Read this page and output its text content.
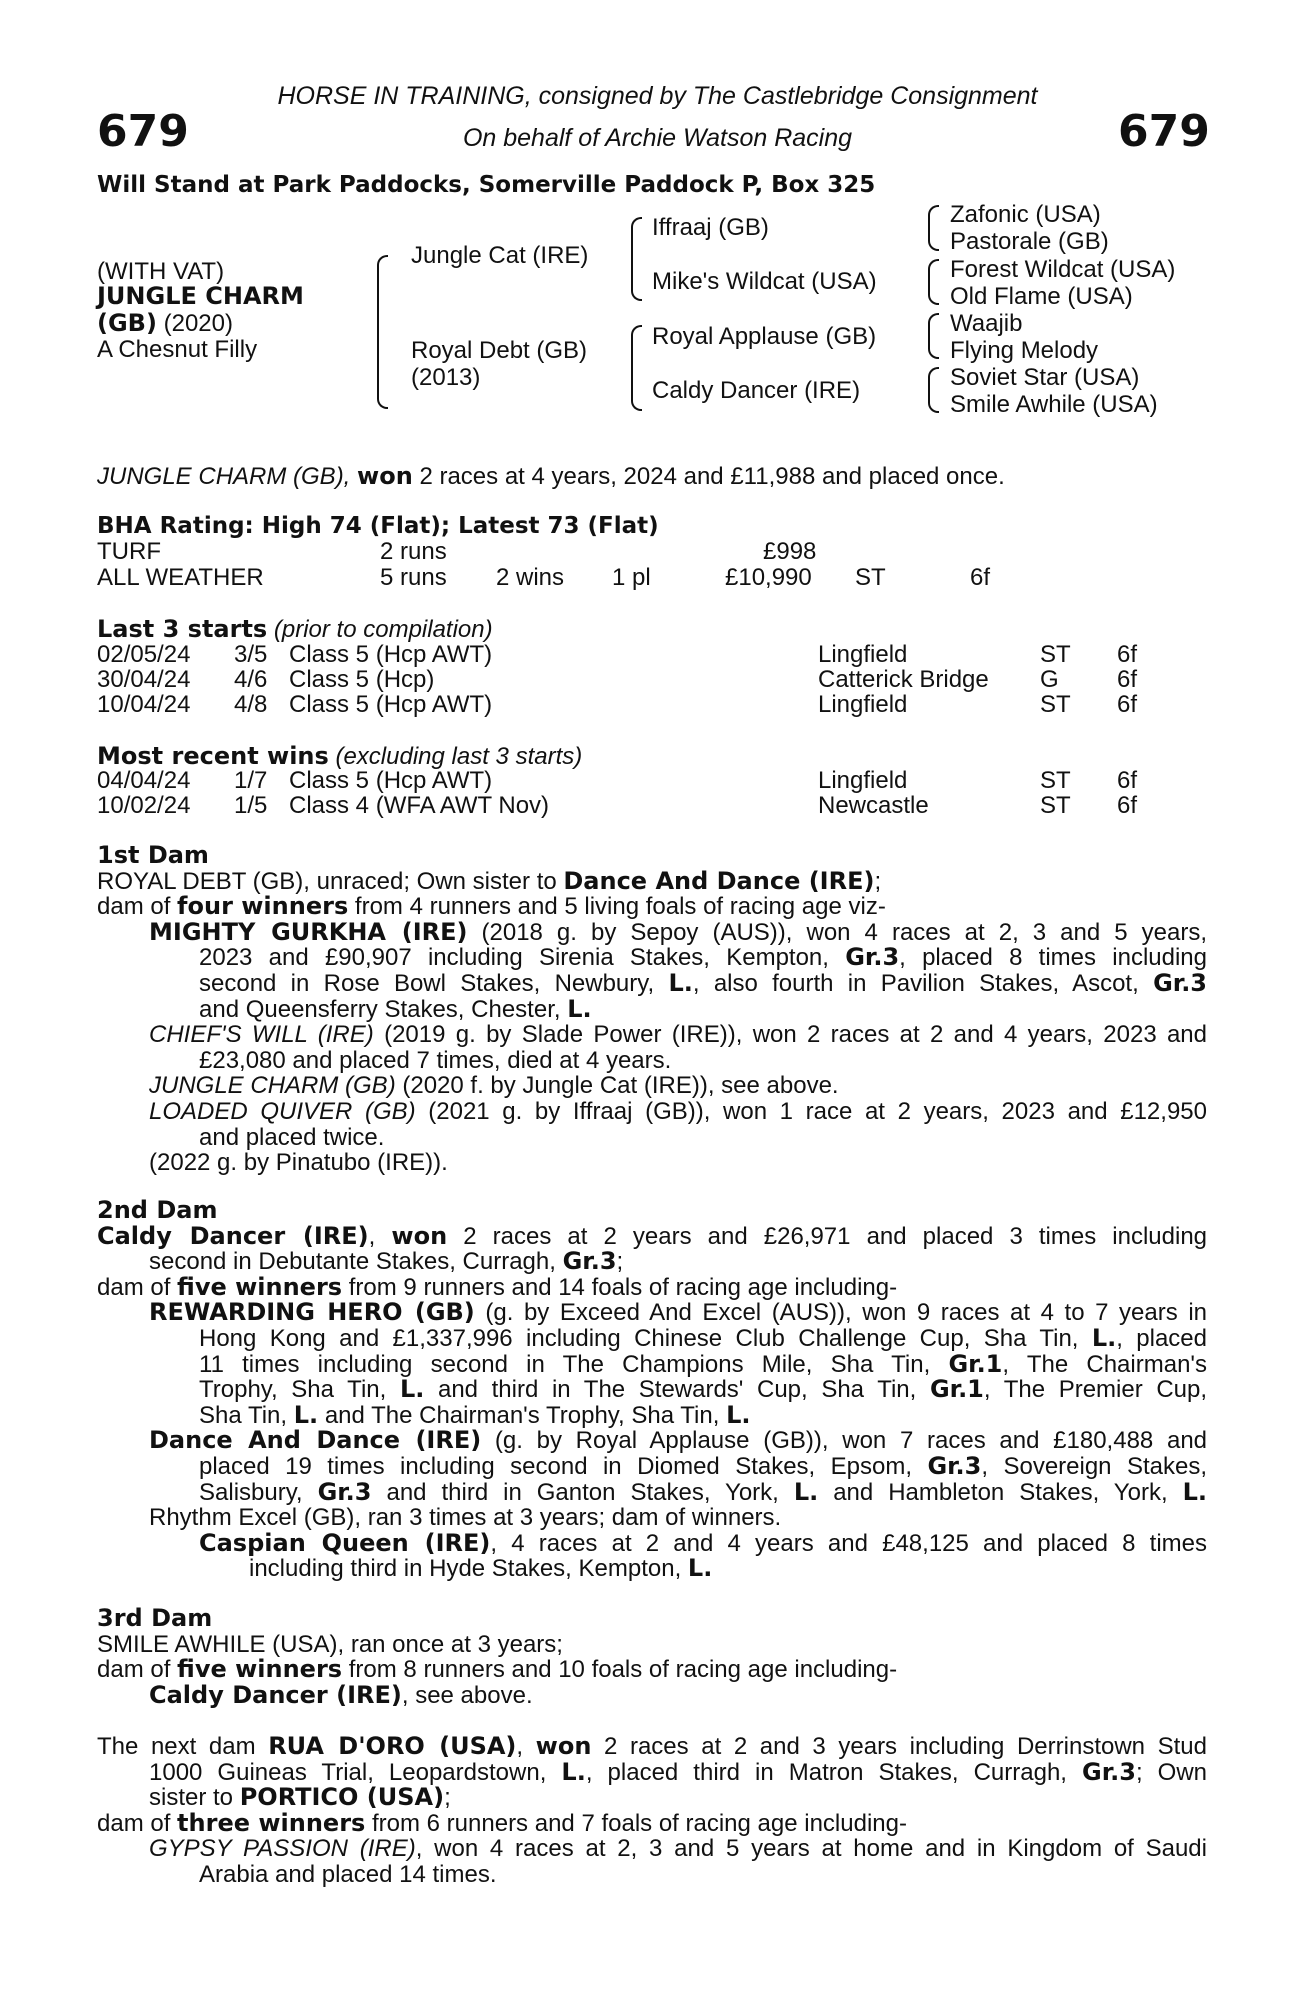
679	679
HORSE IN TRAINING, consigned by The Castlebridge Consignment
On behalf of Archie Watson Racing
Will Stand at Park Paddocks, Somerville Paddock P, Box 325
(WITH VAT)
JUNGLE CHARM
(GB) (2020)
A Chesnut Filly
Jungle Cat (IRE)
Royal Debt (GB)
(2013)
Iffraaj (GB)
Mike's Wildcat (USA)
Royal Applause (GB)
Caldy Dancer (IRE)
Zafonic (USA)
Pastorale (GB)
Forest Wildcat (USA)
Old Flame (USA)
Waajib
Flying Melody
Soviet Star (USA)
Smile Awhile (USA)
JUNGLE CHARM (GB), won 2 races at 4 years, 2024 and £11,988 and placed once.
BHA Rating: High 74 (Flat); Latest 73 (Flat)
TURF	2 runs	£998
ALL WEATHER	5 runs 2 wins 1 pl	£10,990 ST	6f
Last 3 starts (prior to compilation)
02/05/24 3/5 Class 5 (Hcp AWT)	Lingfield	ST 6f
30/04/24 4/6 Class 5 (Hcp)	Catterick Bridge G 6f
10/04/24 4/8 Class 5 (Hcp AWT)	Lingfield	ST 6f
Most recent wins (excluding last 3 starts)
04/04/24 1/7 Class 5 (Hcp AWT)	Lingfield	ST 6f
10/02/24 1/5 Class 4 (WFA AWT Nov)	Newcastle	ST 6f
1st Dam
ROYAL DEBT (GB), unraced; Own sister to Dance And Dance (IRE);
dam of four winners from 4 runners and 5 living foals of racing age viz-
MIGHTY GURKHA (IRE) (2018 g. by Sepoy (AUS)), won 4 races at 2, 3 and 5 years,
2023 and £90,907 including Sirenia Stakes, Kempton, Gr.3, placed 8 times including
second in Rose Bowl Stakes, Newbury, L., also fourth in Pavilion Stakes, Ascot, Gr.3
and Queensferry Stakes, Chester, L.
CHIEF'S WILL (IRE) (2019 g. by Slade Power (IRE)), won 2 races at 2 and 4 years, 2023 and
£23,080 and placed 7 times, died at 4 years.
JUNGLE CHARM (GB) (2020 f. by Jungle Cat (IRE)), see above.
LOADED QUIVER (GB) (2021 g. by Iffraaj (GB)), won 1 race at 2 years, 2023 and £12,950
and placed twice.
(2022 g. by Pinatubo (IRE)).
2nd Dam
Caldy Dancer (IRE), won 2 races at 2 years and £26,971 and placed 3 times including
second in Debutante Stakes, Curragh, Gr.3;
dam of five winners from 9 runners and 14 foals of racing age including-
REWARDING HERO (GB) (g. by Exceed And Excel (AUS)), won 9 races at 4 to 7 years in
Hong Kong and £1,337,996 including Chinese Club Challenge Cup, Sha Tin, L., placed
11 times including second in The Champions Mile, Sha Tin, Gr.1, The Chairman's
Trophy, Sha Tin, L. and third in The Stewards' Cup, Sha Tin, Gr.1, The Premier Cup,
Sha Tin, L. and The Chairman's Trophy, Sha Tin, L.
Dance And Dance (IRE) (g. by Royal Applause (GB)), won 7 races and £180,488 and
placed 19 times including second in Diomed Stakes, Epsom, Gr.3, Sovereign Stakes,
Salisbury, Gr.3 and third in Ganton Stakes, York, L. and Hambleton Stakes, York, L.
Rhythm Excel (GB), ran 3 times at 3 years; dam of winners.
Caspian Queen (IRE), 4 races at 2 and 4 years and £48,125 and placed 8 times
including third in Hyde Stakes, Kempton, L.
3rd Dam
SMILE AWHILE (USA), ran once at 3 years;
dam of five winners from 8 runners and 10 foals of racing age including-
Caldy Dancer (IRE), see above.
The next dam RUA D'ORO (USA), won 2 races at 2 and 3 years including Derrinstown Stud
1000 Guineas Trial, Leopardstown, L., placed third in Matron Stakes, Curragh, Gr.3; Own
sister to PORTICO (USA);
dam of three winners from 6 runners and 7 foals of racing age including-
GYPSY PASSION (IRE), won 4 races at 2, 3 and 5 years at home and in Kingdom of Saudi
Arabia and placed 14 times.
